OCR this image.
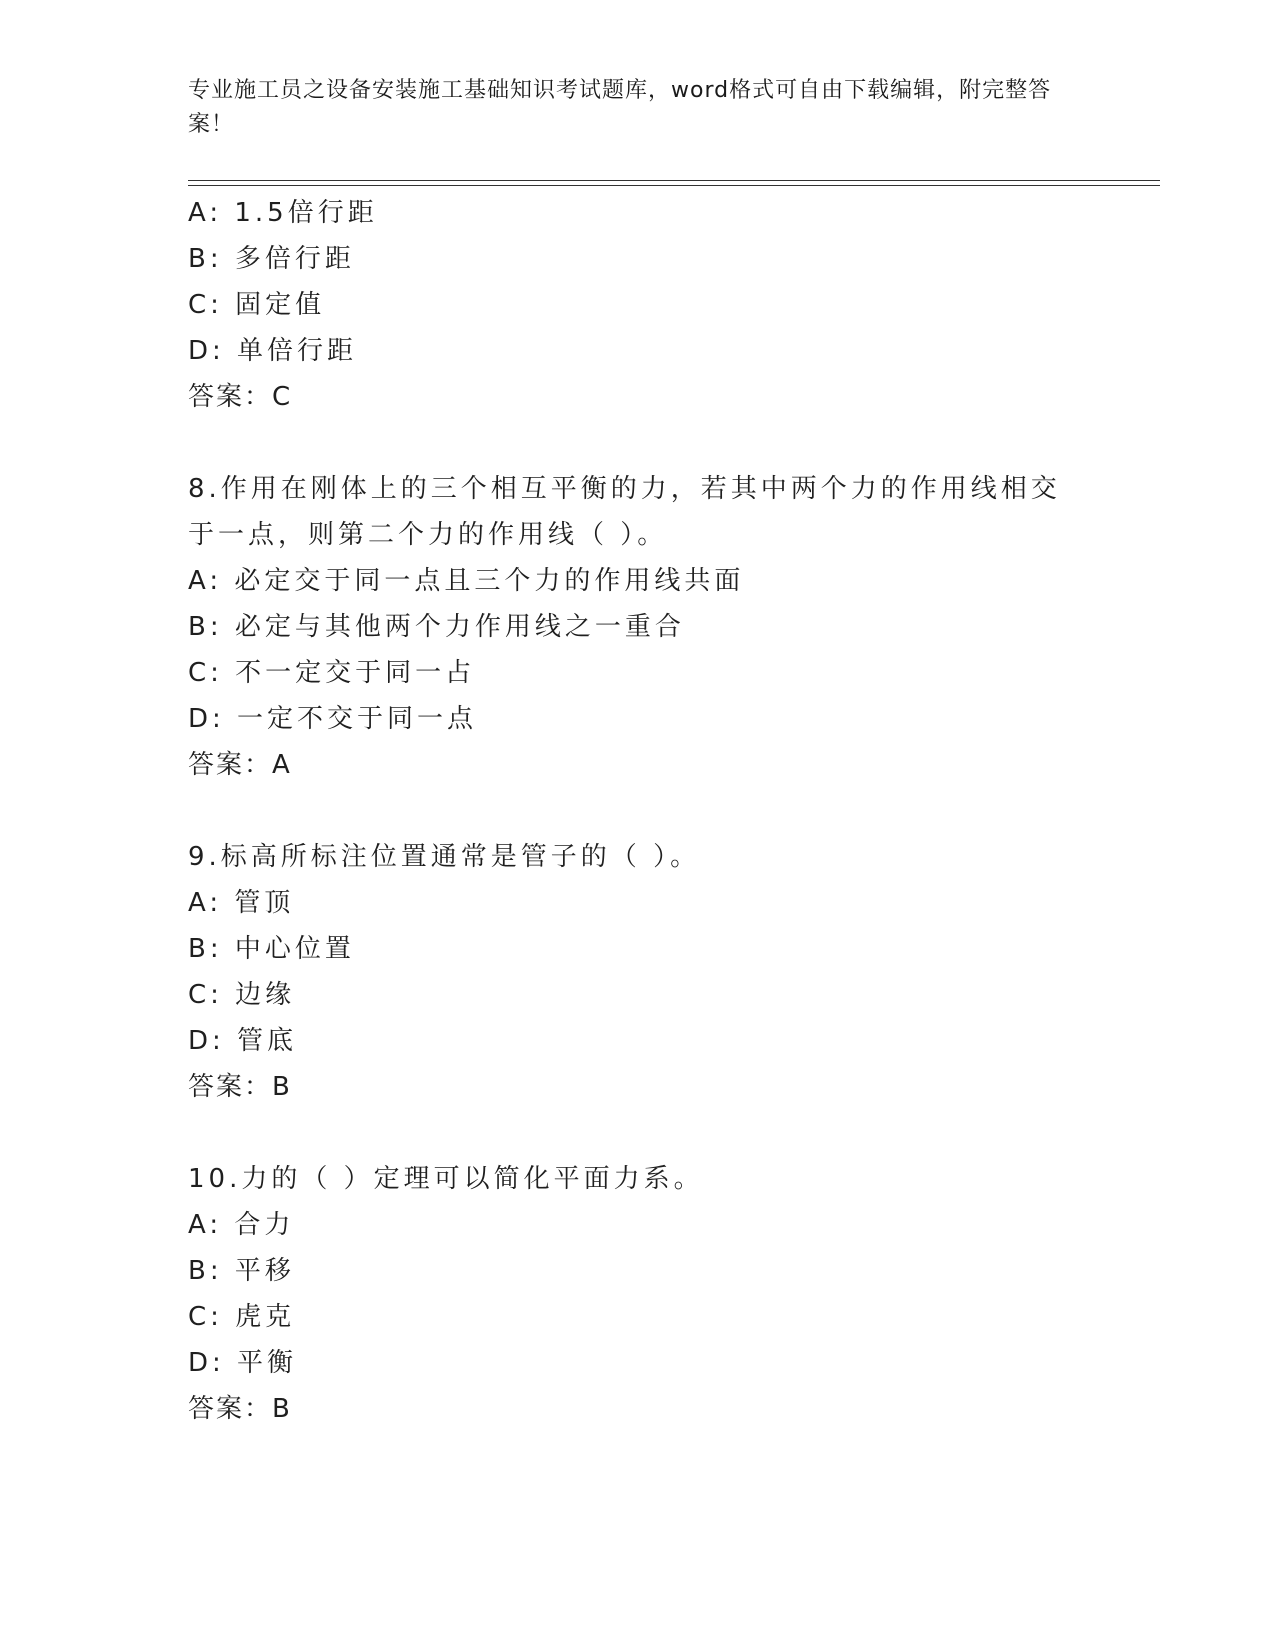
专业施工员之设备安装施工基础知识考试题库，word格式可自由下载编辑，附完整答案！
A: 1.5倍行距
B: 多倍行距
C: 固定值
D: 单倍行距
答案：C
8.作用在刚体上的三个相互平衡的力，若其中两个力的作用线相交于一点，则第二个力的作用线（ ）。
A: 必定交于同一点且三个力的作用线共面
B: 必定与其他两个力作用线之一重合
C: 不一定交于同一占
D: 一定不交于同一点
答案：A
9.标高所标注位置通常是管子的（ ）。
A: 管顶
B: 中心位置
C: 边缘
D: 管底
答案：B
10.力的（ ）定理可以简化平面力系。
A: 合力
B: 平移
C: 虎克
D: 平衡
答案：B
